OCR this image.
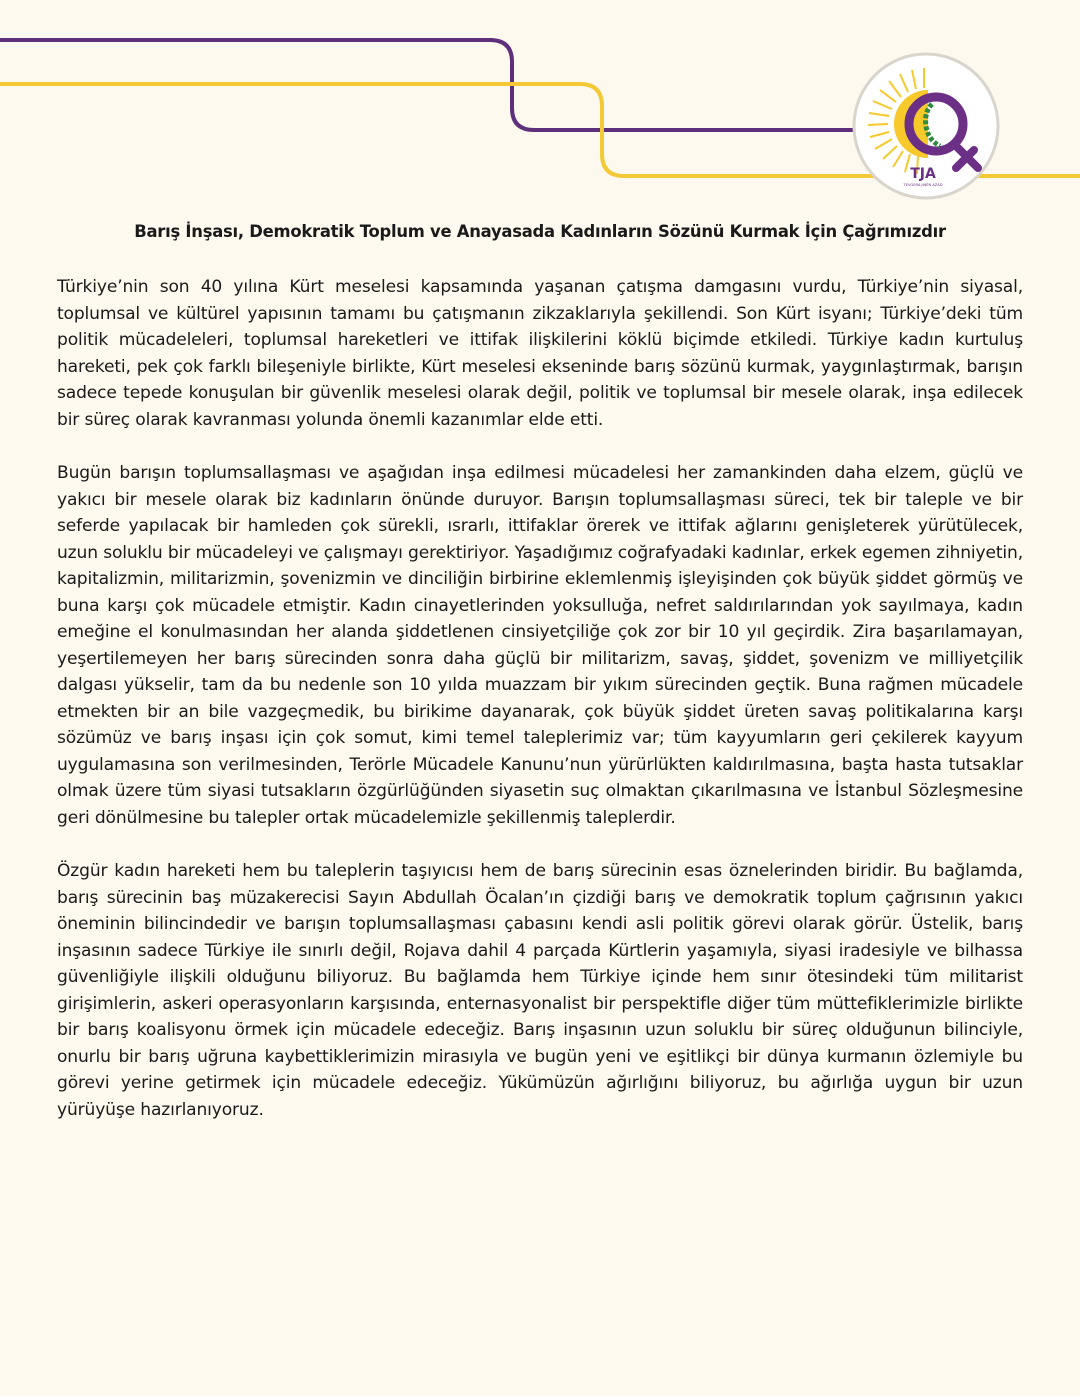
TJA
TEVGERA JINÊN AZAD
Barış İnşası, Demokratik Toplum ve Anayasada Kadınların Sözünü Kurmak İçin Çağrımızdır

Türkiye’nin son 40 yılına Kürt meselesi kapsamında yaşanan çatışma damgasını vurdu, Türkiye’nin siyasal, toplumsal ve kültürel yapısının tamamı bu çatışmanın zikzaklarıyla şekillendi. Son Kürt isyanı; Türkiye’deki tüm politik mücadeleleri, toplumsal hareketleri ve ittifak ilişkilerini köklü biçimde etkiledi. Türkiye kadın kurtuluş hareketi, pek çok farklı bileşeniyle birlikte, Kürt meselesi ekseninde barış sözünü kurmak, yaygınlaştırmak, barışın sadece tepede konuşulan bir güvenlik meselesi olarak değil, politik ve toplumsal bir mesele olarak, inşa edilecek bir süreç olarak kavranması yolunda önemli kazanımlar elde etti.

Bugün barışın toplumsallaşması ve aşağıdan inşa edilmesi mücadelesi her zamankinden daha elzem, güçlü ve yakıcı bir mesele olarak biz kadınların önünde duruyor. Barışın toplumsallaşması süreci, tek bir taleple ve bir seferde yapılacak bir hamleden çok sürekli, ısrarlı, ittifaklar örerek ve ittifak ağlarını genişleterek yürütülecek, uzun soluklu bir mücadeleyi ve çalışmayı gerektiriyor. Yaşadığımız coğrafyadaki kadınlar, erkek egemen zihniyetin, kapitalizmin, militarizmin, şovenizmin ve dinciliğin birbirine eklemlenmiş işleyişinden çok büyük şiddet görmüş ve buna karşı çok mücadele etmiştir. Kadın cinayetlerinden yoksulluğa, nefret saldırılarından yok sayılmaya, kadın emeğine el konulmasından her alanda şiddetlenen cinsiyetçiliğe çok zor bir 10 yıl geçirdik. Zira başarılamayan, yeşertilemeyen her barış sürecinden sonra daha güçlü bir militarizm, savaş, şiddet, şovenizm ve milliyetçilik dalgası yükselir, tam da bu nedenle son 10 yılda muazzam bir yıkım sürecinden geçtik. Buna rağmen mücadele etmekten bir an bile vazgeçmedik, bu birikime dayanarak, çok büyük şiddet üreten savaş politikalarına karşı sözümüz ve barış inşası için çok somut, kimi temel taleplerimiz var; tüm kayyumların geri çekilerek kayyum uygulamasına son verilmesinden, Terörle Mücadele Kanunu’nun yürürlükten kaldırılmasına, başta hasta tutsaklar olmak üzere tüm siyasi tutsakların özgürlüğünden siyasetin suç olmaktan çıkarılmasına ve İstanbul Sözleşmesine geri dönülmesine bu talepler ortak mücadelemizle şekillenmiş taleplerdir.

Özgür kadın hareketi hem bu taleplerin taşıyıcısı hem de barış sürecinin esas öznelerinden biridir. Bu bağlamda, barış sürecinin baş müzakerecisi Sayın Abdullah Öcalan’ın çizdiği barış ve demokratik toplum çağrısının yakıcı öneminin bilincindedir ve barışın toplumsallaşması çabasını kendi asli politik görevi olarak görür. Üstelik, barış inşasının sadece Türkiye ile sınırlı değil, Rojava dahil 4 parçada Kürtlerin yaşamıyla, siyasi iradesiyle ve bilhassa güvenliğiyle ilişkili olduğunu biliyoruz. Bu bağlamda hem Türkiye içinde hem sınır ötesindeki tüm militarist girişimlerin, askeri operasyonların karşısında, enternasyonalist bir perspektifle diğer tüm müttefiklerimizle birlikte bir barış koalisyonu örmek için mücadele edeceğiz. Barış inşasının uzun soluklu bir süreç olduğunun bilinciyle, onurlu bir barış uğruna kaybettiklerimizin mirasıyla ve bugün yeni ve eşitlikçi bir dünya kurmanın özlemiyle bu görevi yerine getirmek için mücadele edeceğiz. Yükümüzün ağırlığını biliyoruz, bu ağırlığa uygun bir uzun yürüyüşe hazırlanıyoruz.
